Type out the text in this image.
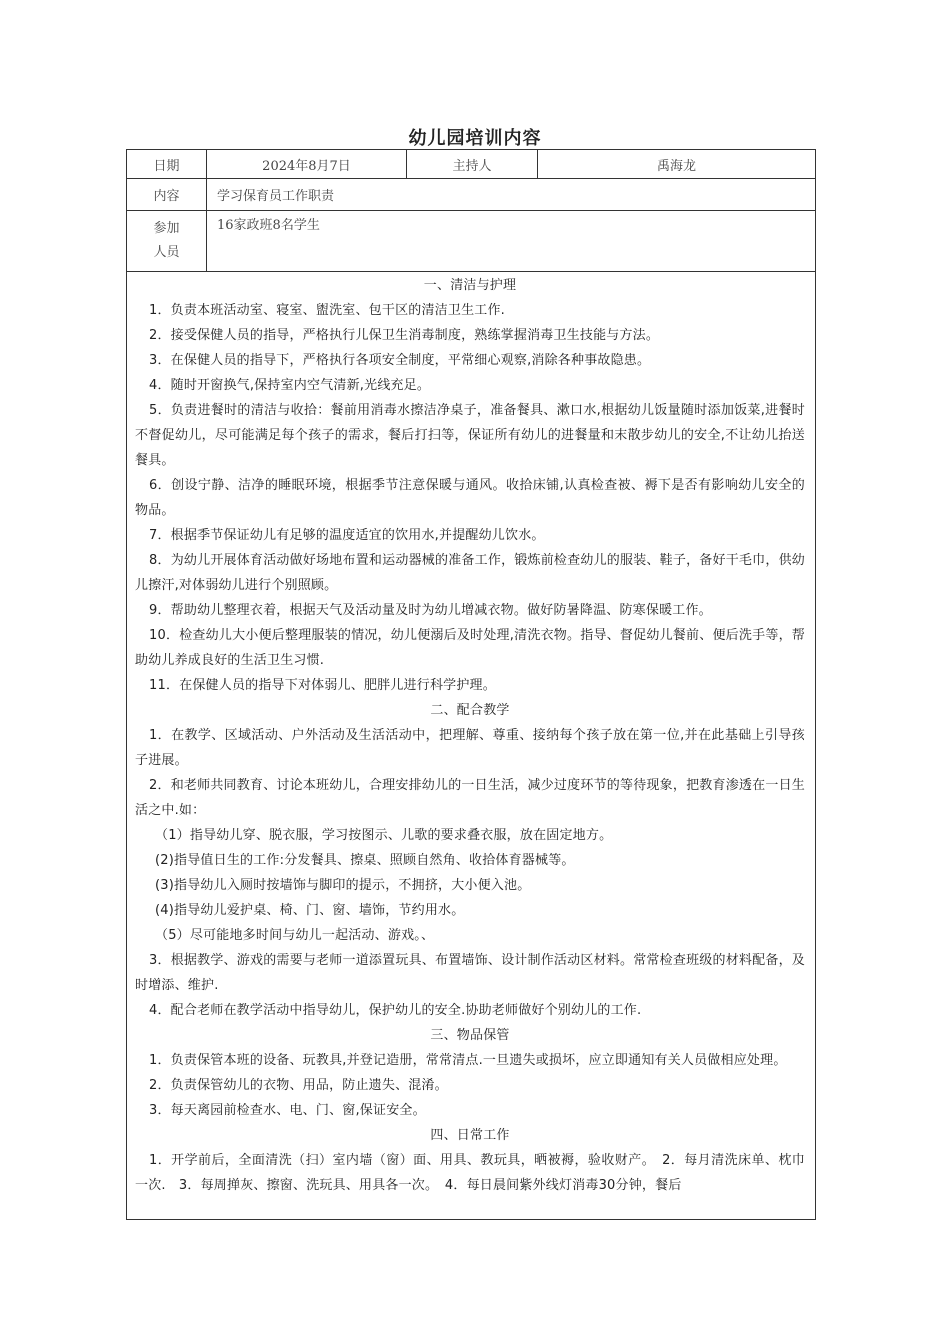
幼儿园培训内容
日期	2024年8月7日	主持人	禹海龙
内容	学习保育员工作职责		

参加
人员	16家政班8名学生		
一、清洁与护理

1．负责本班活动室、寝室、盥洗室、包干区的清洁卫生工作.

2．接受保健人员的指导，严格执行儿保卫生消毒制度，熟练掌握消毒卫生技能与方法。

3．在保健人员的指导下，严格执行各项安全制度，平常细心观察,消除各种事故隐患。

4．随时开窗换气,保持室内空气清新,光线充足。

5．负责进餐时的清洁与收拾：餐前用消毒水擦洁净桌子，准备餐具、漱口水,根据幼儿饭量随时添加饭菜,进餐时不督促幼儿，尽可能满足每个孩子的需求，餐后打扫等，保证所有幼儿的进餐量和末散步幼儿的安全,不让幼儿抬送餐具。

6．创设宁静、洁净的睡眠环境，根据季节注意保暖与通风。收拾床铺,认真检查被、褥下是否有影响幼儿安全的物品。

7．根据季节保证幼儿有足够的温度适宜的饮用水,并提醒幼儿饮水。

8．为幼儿开展体育活动做好场地布置和运动器械的准备工作，锻炼前检查幼儿的服装、鞋子，备好干毛巾，供幼儿擦汗,对体弱幼儿进行个别照顾。

9．帮助幼儿整理衣着，根据天气及活动量及时为幼儿增减衣物。做好防暑降温、防寒保暖工作。

10．检查幼儿大小便后整理服装的情况，幼儿便溺后及时处理,清洗衣物。指导、督促幼儿餐前、便后洗手等，帮助幼儿养成良好的生活卫生习惯.

11．在保健人员的指导下对体弱儿、肥胖儿进行科学护理。

二、配合教学

1．在教学、区域活动、户外活动及生活活动中，把理解、尊重、接纳每个孩子放在第一位,并在此基础上引导孩子进展。

2．和老师共同教育、讨论本班幼儿，合理安排幼儿的一日生活，减少过度环节的等待现象，把教育渗透在一日生活之中.如：

（1）指导幼儿穿、脱衣服，学习按图示、儿歌的要求叠衣服，放在固定地方。

(2)指导值日生的工作:分发餐具、擦桌、照顾自然角、收拾体育器械等。

(3)指导幼儿入厕时按墙饰与脚印的提示，不拥挤，大小便入池。

(4)指导幼儿爱护桌、椅、门、窗、墙饰，节约用水。

（5）尽可能地多时间与幼儿一起活动、游戏。、

3．根据教学、游戏的需要与老师一道添置玩具、布置墙饰、设计制作活动区材料。常常检查班级的材料配备，及时增添、维护.

4．配合老师在教学活动中指导幼儿，保护幼儿的安全.协助老师做好个别幼儿的工作.

三、物品保管

1．负责保管本班的设备、玩教具,并登记造册，常常清点.一旦遗失或损坏，应立即通知有关人员做相应处理。

2．负责保管幼儿的衣物、用品，防止遗失、混淆。

3．每天离园前检查水、电、门、窗,保证安全。

四、日常工作

1．开学前后，全面清洗（扫）室内墙（窗）面、用具、教玩具，晒被褥，验收财产。　2．每月清洗床单、枕巾一次.　3．每周掸灰、擦窗、洗玩具、用具各一次。　4．每日晨间紫外线灯消毒30分钟，餐后
